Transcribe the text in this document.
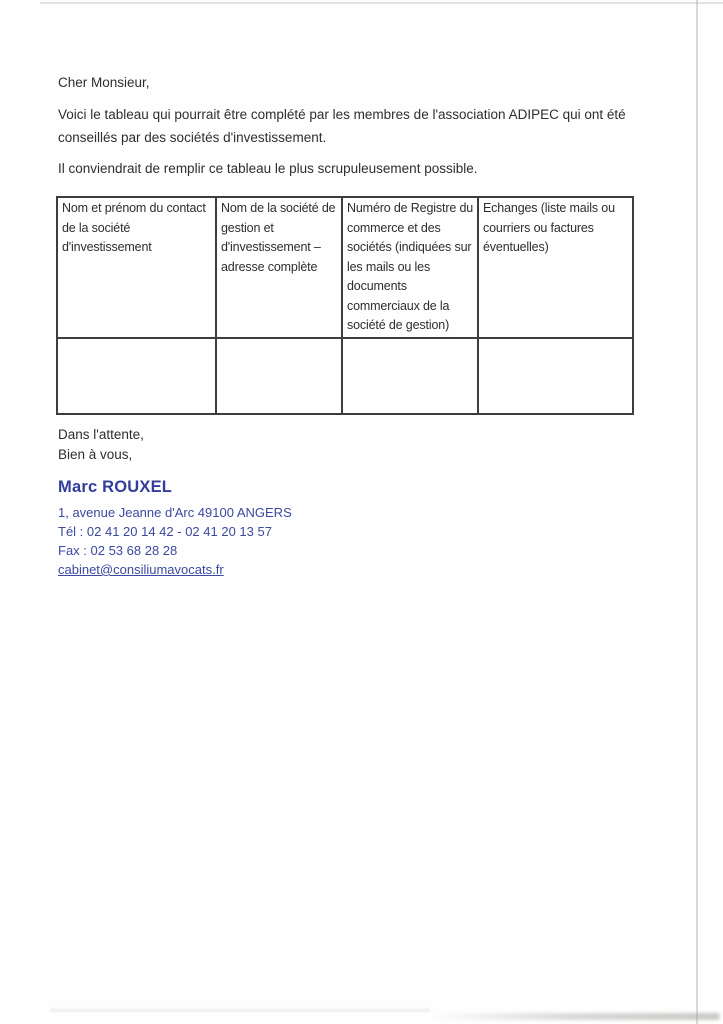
Cher Monsieur,
Voici le tableau qui pourrait être complété par les membres de l'association ADIPEC qui ont été
conseillés par des sociétés d'investissement.
Il conviendrait de remplir ce tableau le plus scrupuleusement possible.
Nom et prénom du contact de la société d'investissement	Nom de la société de gestion et d'investissement – adresse complète	Numéro de Registre du commerce et des sociétés (indiquées sur les mails ou les documents commerciaux de la société de gestion)	Echanges (liste mails ou courriers ou factures éventuelles)

Dans l'attente,
Bien à vous,
Marc ROUXEL
1, avenue Jeanne d'Arc 49100 ANGERS
Tél : 02 41 20 14 42 - 02 41 20 13 57
Fax : 02 53 68 28 28
cabinet@consiliumavocats.fr
